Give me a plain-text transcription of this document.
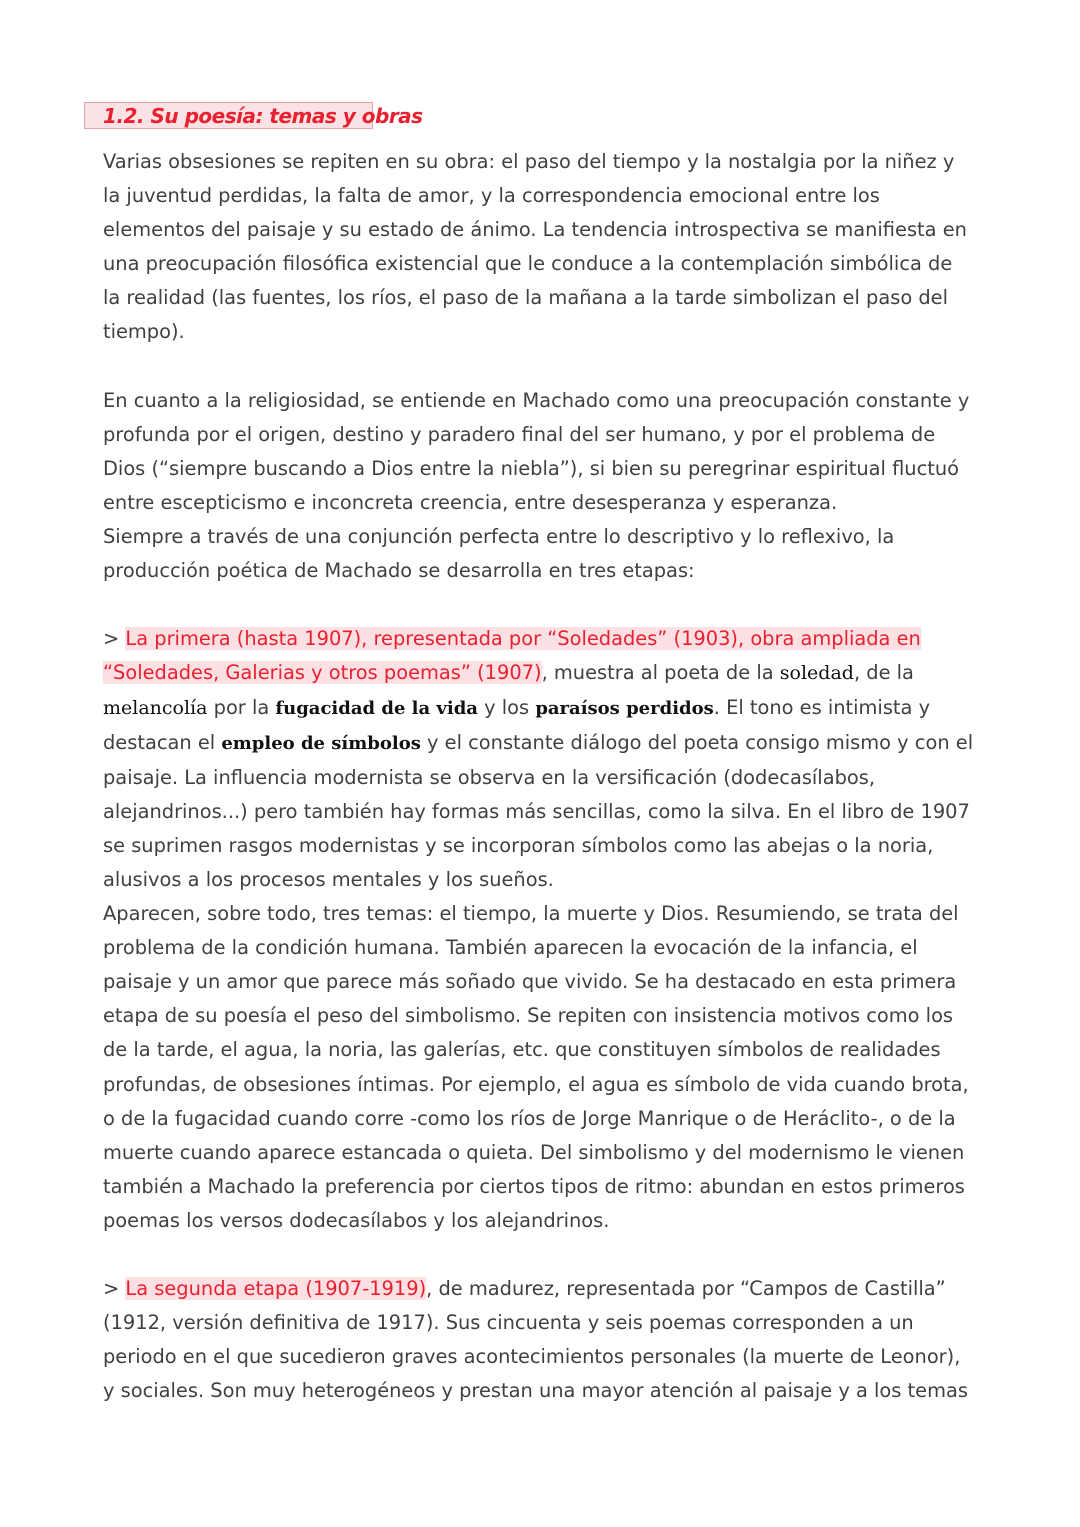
1.2. Su poesía: temas y obras

Varias obsesiones se repiten en su obra: el paso del tiempo y la nostalgia por la niñez y la juventud perdidas, la falta de amor, y la correspondencia emocional entre los elementos del paisaje y su estado de ánimo. La tendencia introspectiva se manifiesta en una preocupación filosófica existencial que le conduce a la contemplación simbólica de la realidad (las fuentes, los ríos, el paso de la mañana a la tarde simbolizan el paso del tiempo).

En cuanto a la religiosidad, se entiende en Machado como una preocupación constante y profunda por el origen, destino y paradero final del ser humano, y por el problema de Dios (“siempre buscando a Dios entre la niebla”), si bien su peregrinar espiritual fluctuó entre escepticismo e inconcreta creencia, entre desesperanza y esperanza.

Siempre a través de una conjunción perfecta entre lo descriptivo y lo reflexivo, la producción poética de Machado se desarrolla en tres etapas:

> La primera (hasta 1907), representada por “Soledades” (1903), obra ampliada en “Soledades, Galerias y otros poemas” (1907), muestra al poeta de la soledad, de la melancolía por la fugacidad de la vida y los paraísos perdidos. El tono es intimista y destacan el empleo de símbolos y el constante diálogo del poeta consigo mismo y con el paisaje. La influencia modernista se observa en la versificación (dodecasílabos, alejandrinos...) pero también hay formas más sencillas, como la silva. En el libro de 1907 se suprimen rasgos modernistas y se incorporan símbolos como las abejas o la noria, alusivos a los procesos mentales y los sueños.

Aparecen, sobre todo, tres temas: el tiempo, la muerte y Dios. Resumiendo, se trata del problema de la condición humana. También aparecen la evocación de la infancia, el paisaje y un amor que parece más soñado que vivido. Se ha destacado en esta primera etapa de su poesía el peso del simbolismo. Se repiten con insistencia motivos como los de la tarde, el agua, la noria, las galerías, etc. que constituyen símbolos de realidades profundas, de obsesiones íntimas. Por ejemplo, el agua es símbolo de vida cuando brota, o de la fugacidad cuando corre -como los ríos de Jorge Manrique o de Heráclito-, o de la muerte cuando aparece estancada o quieta. Del simbolismo y del modernismo le vienen también a Machado la preferencia por ciertos tipos de ritmo: abundan en estos primeros poemas los versos dodecasílabos y los alejandrinos.

> La segunda etapa (1907-1919), de madurez, representada por “Campos de Castilla” (1912, versión definitiva de 1917). Sus cincuenta y seis poemas corresponden a un periodo en el que sucedieron graves acontecimientos personales (la muerte de Leonor), y sociales. Son muy heterogéneos y prestan una mayor atención al paisaje y a los temas
